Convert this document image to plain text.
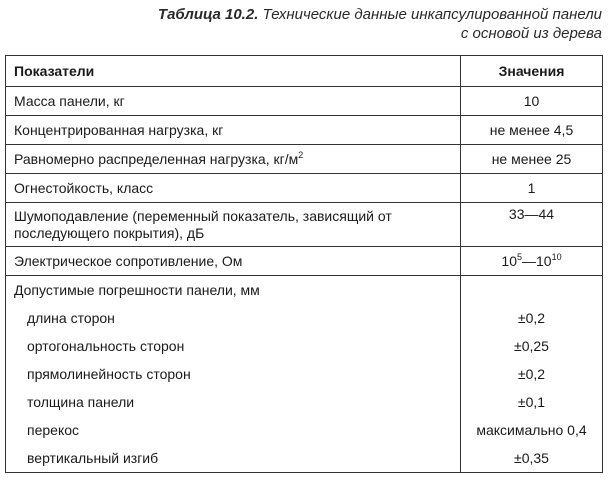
Таблица 10.2. Технические данные инкапсулированной панели
с основой из дерева
Показатели	Значения
Масса панели, кг	10
Концентрированная нагрузка, кг	не менее 4,5
Равномерно распределенная нагрузка, $кг/м^2$	не менее 25
Огнестойкость, класс	1

Шумоподавление (переменный показатель, зависящий от
последующего покрытия), дБ	33—44
Электрическое сопротивление, Ом	$10^5—10^{10}$
Допустимые погрешности панели, мм	
длина сторон	±0,2
ортогональность сторон	±0,25
прямолинейность сторон	±0,2
толщина панели	±0,1
перекос	максимально 0,4
вертикальный изгиб	±0,35
